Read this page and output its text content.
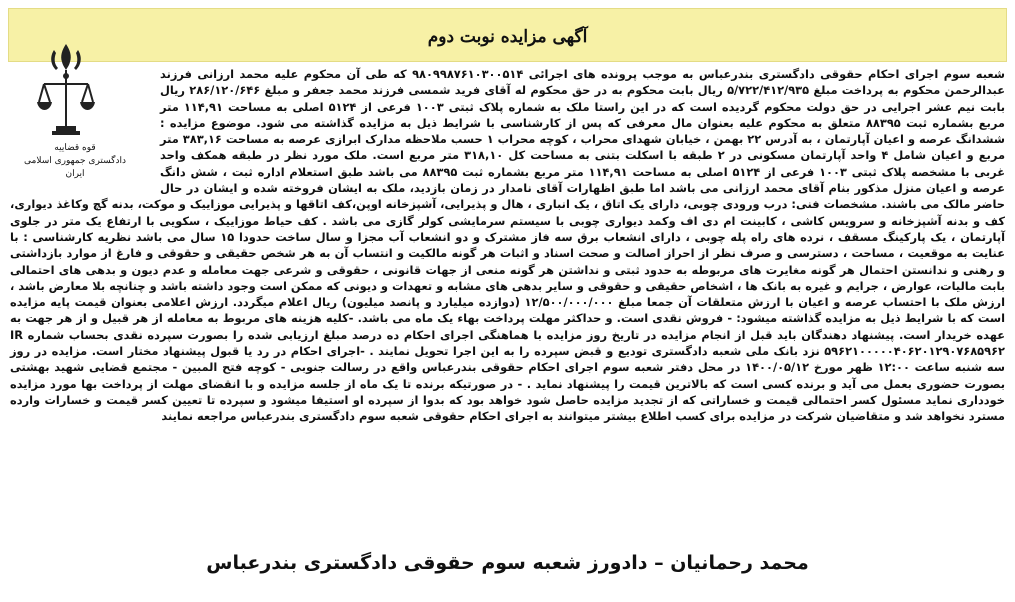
آگهی مزایده نوبت دوم
قوه قضاییه
دادگستری جمهوری اسلامی ایران

شعبه سوم اجرای احکام حقوقی دادگستری بندرعباس به موجب پرونده های اجرائی ۹۸۰۹۹۸۷۶۱۰۳۰۰۵۱۴ که طی آن محکوم علیه محمد ارزانی فرزند عبدالرحمن محکوم به پرداخت مبلغ ۵/۷۲۲/۴۱۲/۹۳۵ ریال بابت محکوم به در حق محکوم له آقای فرید شمسی فرزند محمد جعفر و مبلغ ۲۸۶/۱۲۰/۶۴۶ ریال بابت نیم عشر اجرایی در حق دولت محکوم گردیده است که در این راستا ملک به شماره پلاک ثبتی ۱۰۰۳ فرعی از ۵۱۲۴ اصلی به مساحت ۱۱۴,۹۱ متر مربع بشماره ثبت ۸۸۳۹۵ متعلق به محکوم علیه بعنوان مال معرفی که پس از کارشناسی با شرایط ذیل به مزایده گذاشته می شود. موضوع مزایده : ششدانگ عرصه و اعیان آپارتمان ، به آدرس ۲۲ بهمن ، خیابان شهدای محراب ، کوچه محراب ۱ حسب ملاحظه مدارک ابرازی عرصه به مساحت ۳۸۳,۱۶ متر مربع و اعیان شامل ۴ واحد آپارتمان مسکونی در ۲ طبقه با اسکلت بتنی به مساحت کل ۳۱۸,۱۰ متر مربع است. ملک مورد نظر در طبقه همکف واحد غربی با مشخصه پلاک ثبتی ۱۰۰۳ فرعی از ۵۱۲۴ اصلی به مساحت ۱۱۴,۹۱ متر مربع بشماره ثبت ۸۸۳۹۵ می باشد طبق استعلام اداره ثبت ، شش دانگ عرصه و اعیان منزل مذکور بنام آقای محمد ارزانی می باشد اما طبق اظهارات آقای نامدار در زمان بازدید، ملک به ایشان فروخته شده و ایشان در حال حاضر مالک می باشند. مشخصات فنی: درب ورودی چوبی، دارای یک اتاق ، یک انباری ، هال و پذیرایی، آشپزخانه اوپن،کف اتاقها و پذیرایی موزاییک و موکت، بدنه گچ وکاغذ دیواری، کف و بدنه آشپزخانه و سرویس کاشی ، کابینت ام دی اف وکمد دیواری چوبی با سیستم سرمایشی کولر گازی می باشد . کف حیاط موزاییک ، سکویی با ارتفاع یک متر در جلوی آپارتمان ، یک پارکینگ مسقف ، نرده های راه پله چوبی ، دارای انشعاب برق سه فاز مشترک و دو انشعاب آب مجزا و سال ساخت حدودا ۱۵ سال می باشد نظریه کارشناسی : با عنایت به موقعیت ، مساحت ، دسترسی و صرف نظر از احراز اصالت و صحت اسناد و اثبات هر گونه مالکیت و انتساب آن به هر شخص حقیقی و حقوقی و فارغ از موارد بازداشتی و رهنی و ندانستن احتمال هر گونه مغایرت های مربوطه به حدود ثبتی و نداشتن هر گونه منعی از جهات قانونی ، حقوقی و شرعی جهت معامله و عدم دیون و بدهی های احتمالی بابت مالیات، عوارض ، جرایم و غیره به بانک ها ، اشخاص حقیقی و حقوقی و سایر بدهی های مشابه و تعهدات و دیونی که ممکن است وجود داشته باشد و چنانچه بلا معارض باشد ، ارزش ملک با احتساب عرصه و اعیان با ارزش متعلقات آن جمعا مبلغ ۱۲/۵۰۰/۰۰۰/۰۰۰ (دوازده میلیارد و پانصد میلیون) ریال اعلام میگردد. ارزش اعلامی بعنوان قیمت پایه مزایده است که با شرایط ذیل به مزایده گذاشته میشود: - فروش نقدی است. و حداکثر مهلت پرداخت بهاء یک ماه می باشد. -کلیه هزینه های مربوط به معامله از هر قبیل و از هر جهت به عهده خریدار است. پیشنهاد دهندگان باید قبل از انجام مزایده در تاریخ روز مزایده با هماهنگی اجرای احکام ده درصد مبلغ ارزیابی شده را بصورت سپرده نقدی بحساب شماره IR ۵۹۶۲۱۰۰۰۰۰۴۰۶۲۰۱۲۹۰۷۶۸۵۹۶۲ نزد بانک ملی شعبه دادگستری تودیع و قبض سپرده را به این اجرا تحویل نمایند . -اجرای احکام در رد یا قبول پیشنهاد مختار است. مزایده در روز سه شنبه ساعت ۱۲:۰۰ ظهر مورخ ۱۴۰۰/۰۵/۱۲ در محل دفتر شعبه سوم اجرای احکام حقوقی بندرعباس واقع در رسالت جنوبی - کوچه فتح المبین - مجتمع قضایی شهید بهشتی بصورت حضوری بعمل می آید و برنده کسی است که بالاترین قیمت را پیشنهاد نماید . - در صورتیکه برنده تا یک ماه از جلسه مزایده و با انقضای مهلت از پرداخت بها مورد مزایده خودداری نماید مسئول کسر احتمالی قیمت و خساراتی که از تجدید مزایده حاصل شود خواهد بود که بدوا از سپرده او استیفا میشود و سپرده تا تعیین کسر قیمت و خسارات وارده مسترد نخواهد شد و متقاضیان شرکت در مزایده برای کسب اطلاع بیشتر میتوانند به اجرای احکام حقوقی شعبه سوم دادگستری بندرعباس مراجعه نمایند

محمد رحمانیان – دادورز شعبه سوم حقوقی دادگستری بندرعباس
